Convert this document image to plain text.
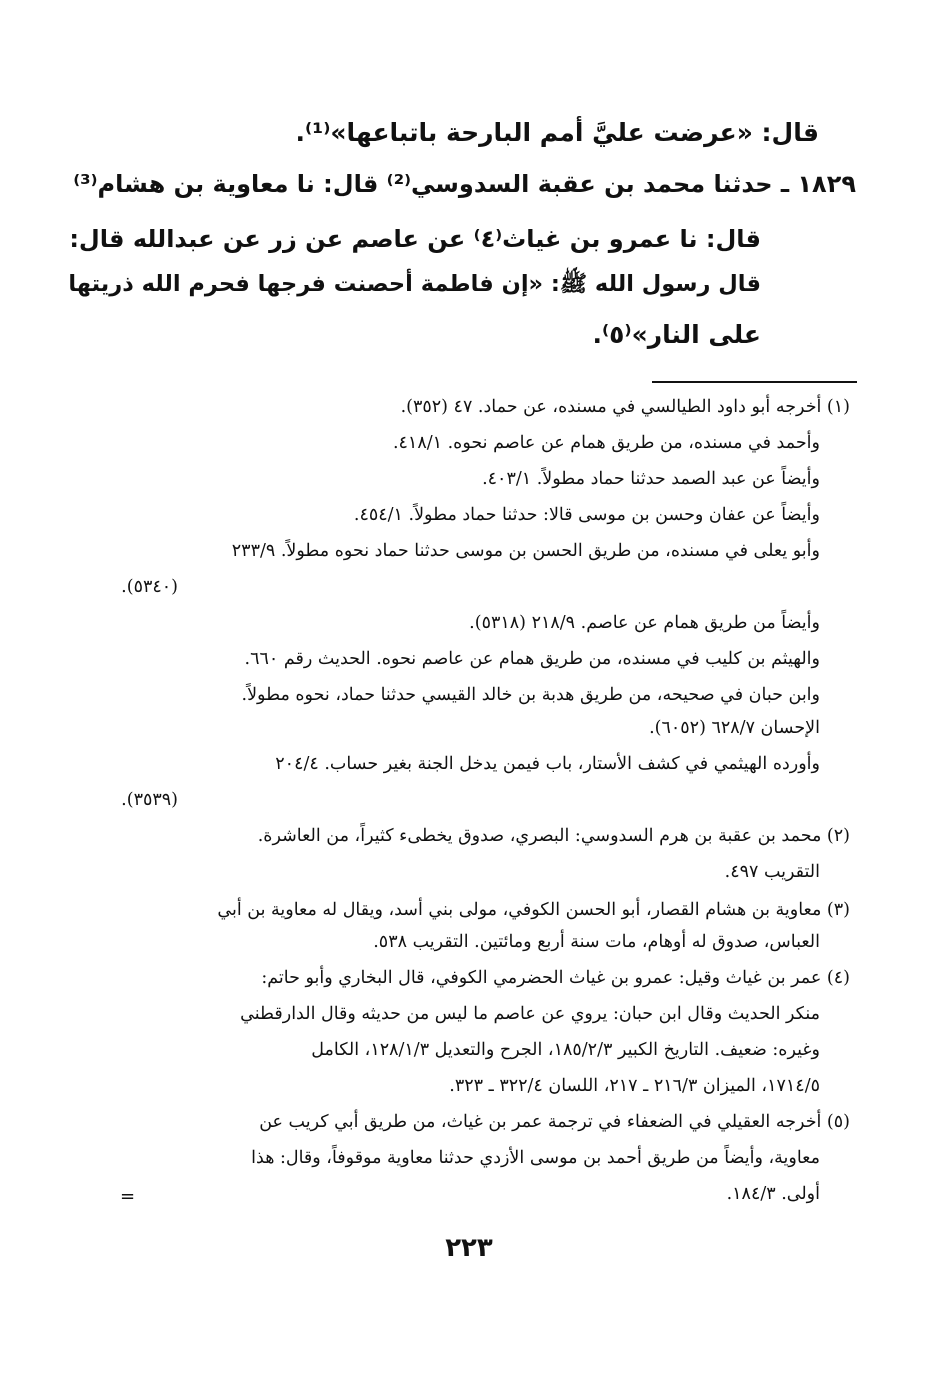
قال: «عرضت عليَّ أمم البارحة باتباعها»⁽¹⁾.
١٨٢٩ ـ حدثنا محمد بن عقبة السدوسي⁽²⁾ قال: نا معاوية بن هشام⁽³⁾
قال: نا عمرو بن غياث⁽٤⁾ عن عاصم عن زر عن عبدالله قال:
قال رسول الله ﷺ: «إن فاطمة أحصنت فرجها فحرم الله ذريتها
على النار»⁽٥⁾.
(١) أخرجه أبو داود الطيالسي في مسنده، عن حماد. ٤٧ (٣٥٢).
وأحمد في مسنده، من طريق همام عن عاصم نحوه. ٤١٨/١.
وأيضاً عن عبد الصمد حدثنا حماد مطولاً. ٤٠٣/١.
وأيضاً عن عفان وحسن بن موسى قالا: حدثنا حماد مطولاً. ٤٥٤/١.
وأبو يعلى في مسنده، من طريق الحسن بن موسى حدثنا حماد نحوه مطولاً. ٢٣٣/٩
(٥٣٤٠).
وأيضاً من طريق همام عن عاصم. ٢١٨/٩ (٥٣١٨).
والهيثم بن كليب في مسنده، من طريق همام عن عاصم نحوه. الحديث رقم ٦٦٠.
وابن حبان في صحيحه، من طريق هدبة بن خالد القيسي حدثنا حماد، نحوه مطولاً.
الإحسان ٦٢٨/٧ (٦٠٥٢).
وأورده الهيثمي في كشف الأستار، باب فيمن يدخل الجنة بغير حساب. ٢٠٤/٤
(٣٥٣٩).
(٢) محمد بن عقبة بن هرم السدوسي: البصري، صدوق يخطىء كثيراً، من العاشرة.
التقريب ٤٩٧.
(٣) معاوية بن هشام القصار، أبو الحسن الكوفي، مولى بني أسد، ويقال له معاوية بن أبي
العباس، صدوق له أوهام، مات سنة أربع ومائتين. التقريب ٥٣٨.
(٤) عمر بن غياث وقيل: عمرو بن غياث الحضرمي الكوفي، قال البخاري وأبو حاتم:
منكر الحديث وقال ابن حبان: يروي عن عاصم ما ليس من حديثه وقال الدارقطني
وغيره: ضعيف. التاريخ الكبير ١٨٥/٢/٣، الجرح والتعديل ١٢٨/١/٣، الكامل
١٧١٤/٥، الميزان ٢١٦/٣ ـ ٢١٧، اللسان ٣٢٢/٤ ـ ٣٢٣.
(٥) أخرجه العقيلي في الضعفاء في ترجمة عمر بن غياث، من طريق أبي كريب عن
معاوية، وأيضاً من طريق أحمد بن موسى الأزدي حدثنا معاوية موقوفاً، وقال: هذا
أولى. ١٨٤/٣.
=
٢٢٣
